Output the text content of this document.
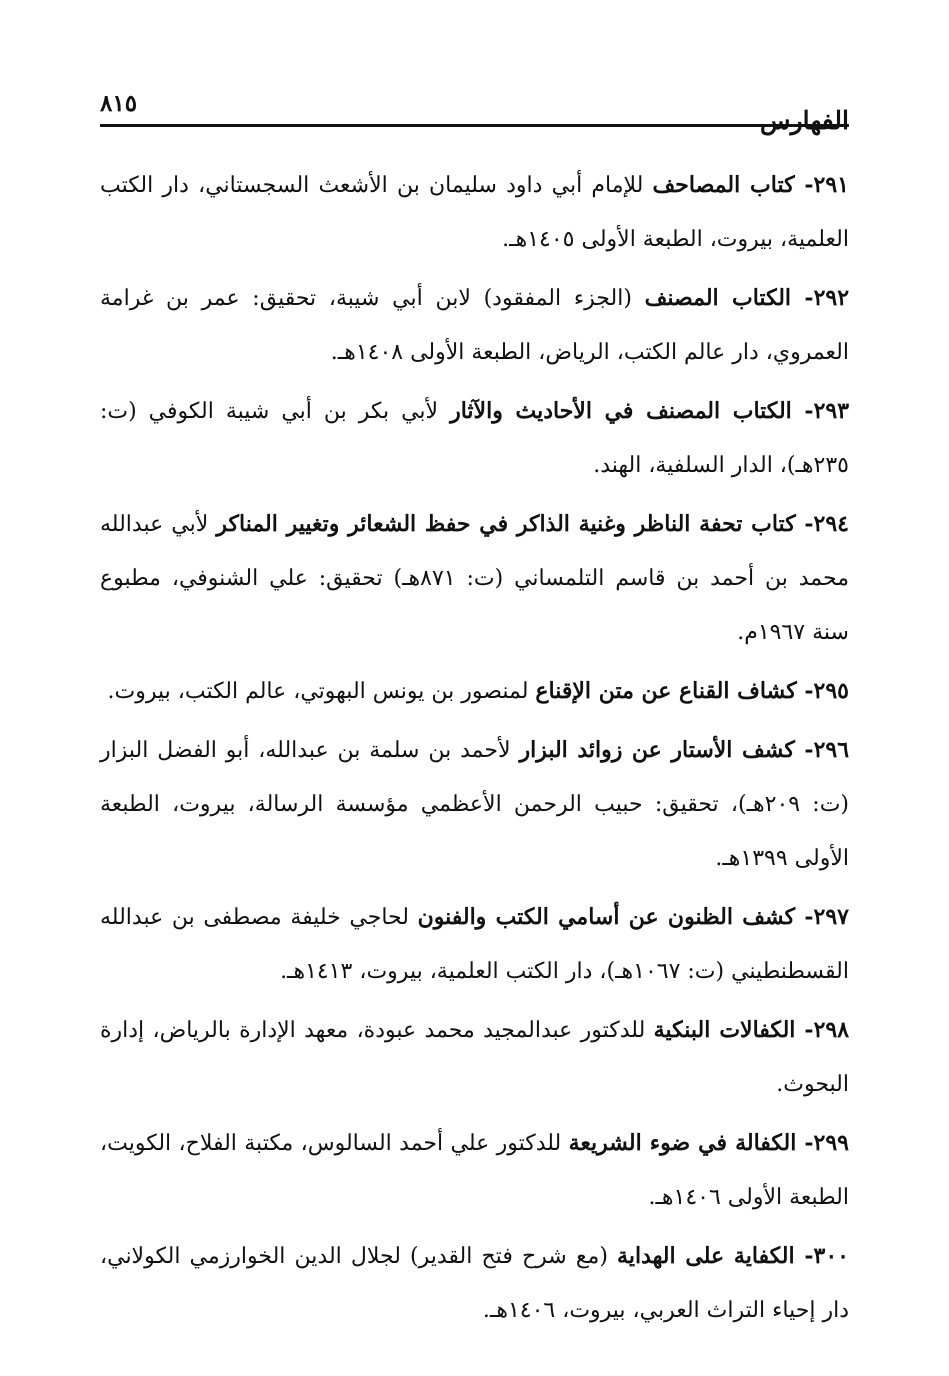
٨١٥
الفهارس

٢٩١- كتاب المصاحف للإمام أبي داود سليمان بن الأشعث السجستاني، دار الكتب العلمية، بيروت، الطبعة الأولى ١٤٠٥هـ.

٢٩٢- الكتاب المصنف (الجزء المفقود) لابن أبي شيبة، تحقيق: عمر بن غرامة العمروي، دار عالم الكتب، الرياض، الطبعة الأولى ١٤٠٨هـ.

٢٩٣- الكتاب المصنف في الأحاديث والآثار لأبي بكر بن أبي شيبة الكوفي (ت: ٢٣٥هـ)، الدار السلفية، الهند.

٢٩٤- كتاب تحفة الناظر وغنية الذاكر في حفظ الشعائر وتغيير المناكر لأبي عبدالله محمد بن أحمد بن قاسم التلمساني (ت: ٨٧١هـ) تحقيق: علي الشنوفي، مطبوع سنة ١٩٦٧م.

٢٩٥- كشاف القناع عن متن الإقناع لمنصور بن يونس البهوتي، عالم الكتب، بيروت.

٢٩٦- كشف الأستار عن زوائد البزار لأحمد بن سلمة بن عبدالله، أبو الفضل البزار (ت: ٢٠٩هـ)، تحقيق: حبيب الرحمن الأعظمي مؤسسة الرسالة، بيروت، الطبعة الأولى ١٣٩٩هـ.

٢٩٧- كشف الظنون عن أسامي الكتب والفنون لحاجي خليفة مصطفى بن عبدالله القسطنطيني (ت: ١٠٦٧هـ)، دار الكتب العلمية، بيروت، ١٤١٣هـ.

٢٩٨- الكفالات البنكية للدكتور عبدالمجيد محمد عبودة، معهد الإدارة بالرياض، إدارة البحوث.

٢٩٩- الكفالة في ضوء الشريعة للدكتور علي أحمد السالوس، مكتبة الفلاح، الكويت، الطبعة الأولى ١٤٠٦هـ.

٣٠٠- الكفاية على الهداية (مع شرح فتح القدير) لجلال الدين الخوارزمي الكولاني، دار إحياء التراث العربي، بيروت، ١٤٠٦هـ.
